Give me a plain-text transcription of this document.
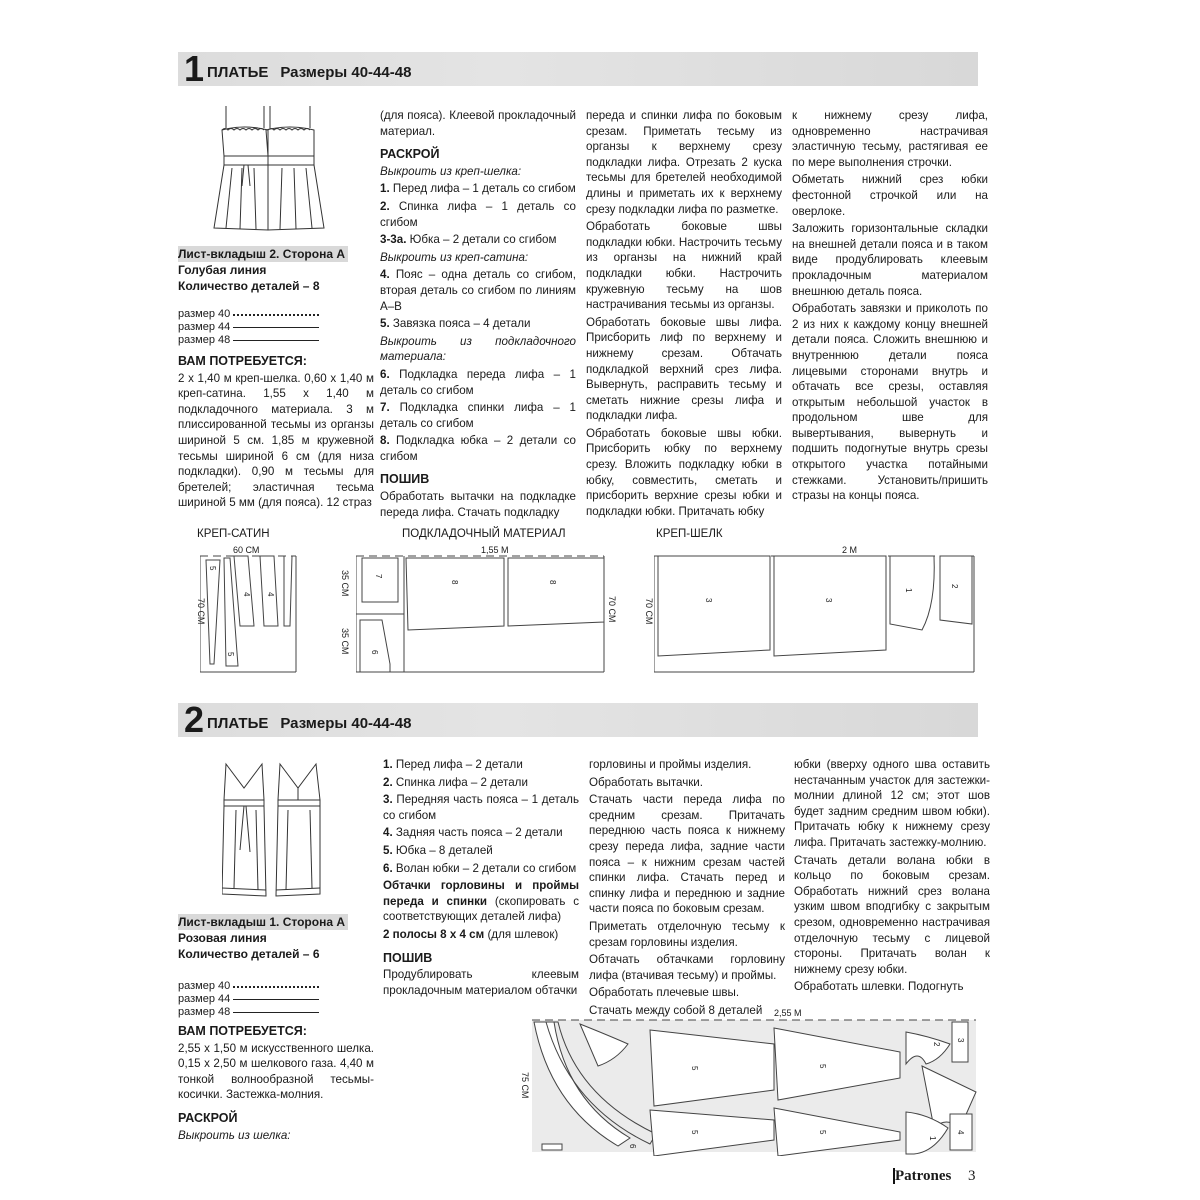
1 ПЛАТЬЕ Размеры 40-44-48
Лист-вкладыш 2. Сторона А
Голубая линия
Количество деталей – 8
размер 40
размер 44
размер 48

ВАМ ПОТРЕБУЕТСЯ:

2 х 1,40 м креп-шелка. 0,60 х 1,40 м креп-сатина. 1,55 х 1,40 м подкладочного материала. 3 м плиссированной тесьмы из органзы шириной 5 см. 1,85 м кружевной тесьмы шириной 6 см (для низа подкладки). 0,90 м тесьмы для бретелей; эластичная тесьма шириной 5 мм (для пояса). 12 страз

(для пояса). Клеевой прокладочный материал.

РАСКРОЙ

Выкроить из креп-шелка:

1. Перед лифа – 1 деталь со сгибом

2. Спинка лифа – 1 деталь со сгибом

3-3а. Юбка – 2 детали со сгибом

Выкроить из креп-сатина:

4. Пояс – одна деталь со сгибом, вторая деталь со сгибом по линиям А–В

5. Завязка пояса – 4 детали

Выкроить из подкладочного материала:

6. Подкладка переда лифа – 1 деталь со сгибом

7. Подкладка спинки лифа – 1 деталь со сгибом

8. Подкладка юбка – 2 детали со сгибом

ПОШИВ

Обработать вытачки на подкладке переда лифа. Стачать подкладку

переда и спинки лифа по боковым срезам. Приметать тесьму из органзы к верхнему срезу подкладки лифа. Отрезать 2 куска тесьмы для бретелей необходимой длины и приметать их к верхнему срезу подкладки лифа по разметке.

Обработать боковые швы подкладки юбки. Настрочить тесьму из органзы на нижний край подкладки юбки. Настрочить кружевную тесьму на шов настрачивания тесьмы из органзы.

Обработать боковые швы лифа. Присборить лиф по верхнему и нижнему срезам. Обтачать подкладкой верхний срез лифа. Вывернуть, расправить тесьму и сметать нижние срезы лифа и подкладки лифа.

Обработать боковые швы юбки. Присборить юбку по верхнему срезу. Вложить подкладку юбки в юбку, совместить, сметать и присборить верхние срезы юбки и подкладки юбки. Притачать юбку

к нижнему срезу лифа, одновременно настрачивая эластичную тесьму, растягивая ее по мере выполнения строчки.

Обметать нижний срез юбки фестонной строчкой или на оверлоке.

Заложить горизонтальные складки на внешней детали пояса и в таком виде продублировать клеевым прокладочным материалом внешнюю деталь пояса.

Обработать завязки и приколоть по 2 из них к каждому концу внешней детали пояса. Сложить внешнюю и внутреннюю детали пояса лицевыми сторонами внутрь и обтачать все срезы, оставляя открытым небольшой участок в продольном шве для вывертывания, вывернуть и подшить подогнутые внутрь срезы открытого участка потайными стежками. Установить/пришить стразы на концы пояса.

КРЕП-САТИН
60 СМ
70 СМ
5
5
4 4
ПОДКЛАДОЧНЫЙ МАТЕРИАЛ
1,55 М
35 СМ
35 СМ
70 СМ
7
6
8	8
КРЕП-ШЕЛК
2 М
70 СМ	3	3
1
2
2 ПЛАТЬЕ Размеры 40-44-48
Лист-вкладыш 1. Сторона А
Розовая линия
Количество деталей – 6
размер 40
размер 44
размер 48

ВАМ ПОТРЕБУЕТСЯ:

2,55 х 1,50 м искусственного шелка. 0,15 х 2,50 м шелкового газа. 4,40 м тонкой волнообразной тесьмы-косички. Застежка-молния.

РАСКРОЙ

Выкроить из шелка:

1. Перед лифа – 2 детали

2. Спинка лифа – 2 детали

3. Передняя часть пояса – 1 деталь со сгибом

4. Задняя часть пояса – 2 детали

5. Юбка – 8 деталей

6. Волан юбки – 2 детали со сгибом

Обтачки горловины и проймы переда и спинки (скопировать с соответствующих деталей лифа)

2 полосы 8 х 4 см (для шлевок)

ПОШИВ

Продублировать клеевым прокладочным материалом обтачки

горловины и проймы изделия.

Обработать вытачки.

Стачать части переда лифа по средним срезам. Притачать переднюю часть пояса к нижнему срезу переда лифа, задние части пояса – к нижним срезам частей спинки лифа. Стачать перед и спинку лифа и переднюю и задние части пояса по боковым срезам.

Приметать отделочную тесьму к срезам горловины изделия.

Обтачать обтачками горловину лифа (втачивая тесьму) и проймы.

Обработать плечевые швы.

Стачать между собой 8 деталей

юбки (вверху одного шва оставить нестачанным участок для застежки-молнии длиной 12 см; этот шов будет задним средним швом юбки). Притачать юбку к нижнему срезу лифа. Притачать застежку-молнию.

Стачать детали волана юбки в кольцо по боковым срезам. Обработать нижний срез волана узким швом вподгибку с закрытым срезом, одновременно настрачивая отделочную тесьму с лицевой стороны. Притачать волан к нижнему срезу юбки.

Обработать шлевки. Подогнуть

2,55 М
75 СМ
6
5
5
5
5
2
1
3
4
Patrones 3
